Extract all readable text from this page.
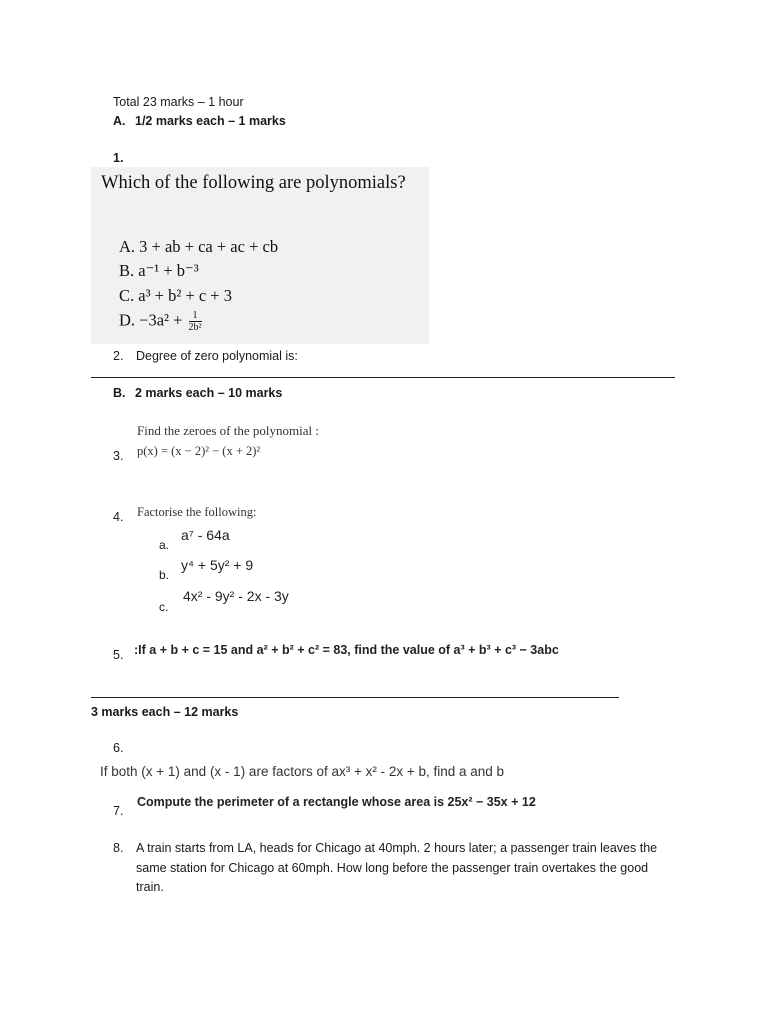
Total 23 marks – 1 hour
A. 1/2 marks each – 1 marks
1.
Which of the following are polynomials?
A. 3 + ab + ca + ac + cb
B. a⁻¹ + b⁻³
C. a³ + b² + c + 3
D. $-3a^2 + \frac{1}{\text{2b²}}$
2. Degree of zero polynomial is:
B. 2 marks each – 10 marks
Find the zeroes of the polynomial :
3. p(x) = (x − 2)² − (x + 2)²
4. Factorise the following:
a.
a⁷ - 64a
b.
y⁴ + 5y² + 9
c.
4x² - 9y² - 2x - 3y
5. :If a + b + c = 15 and a² + b² + c² = 83, find the value of a³ + b³ + c³ − 3abc
3 marks each – 12 marks
6.
If both (x + 1) and (x - 1) are factors of ax³ + x² - 2x + b, find a and b
7.
Compute the perimeter of a rectangle whose area is 25x² − 35x + 12
8. A train starts from LA, heads for Chicago at 40mph. 2 hours later; a passenger train leaves the
same station for Chicago at 60mph. How long before the passenger train overtakes the good
train.
